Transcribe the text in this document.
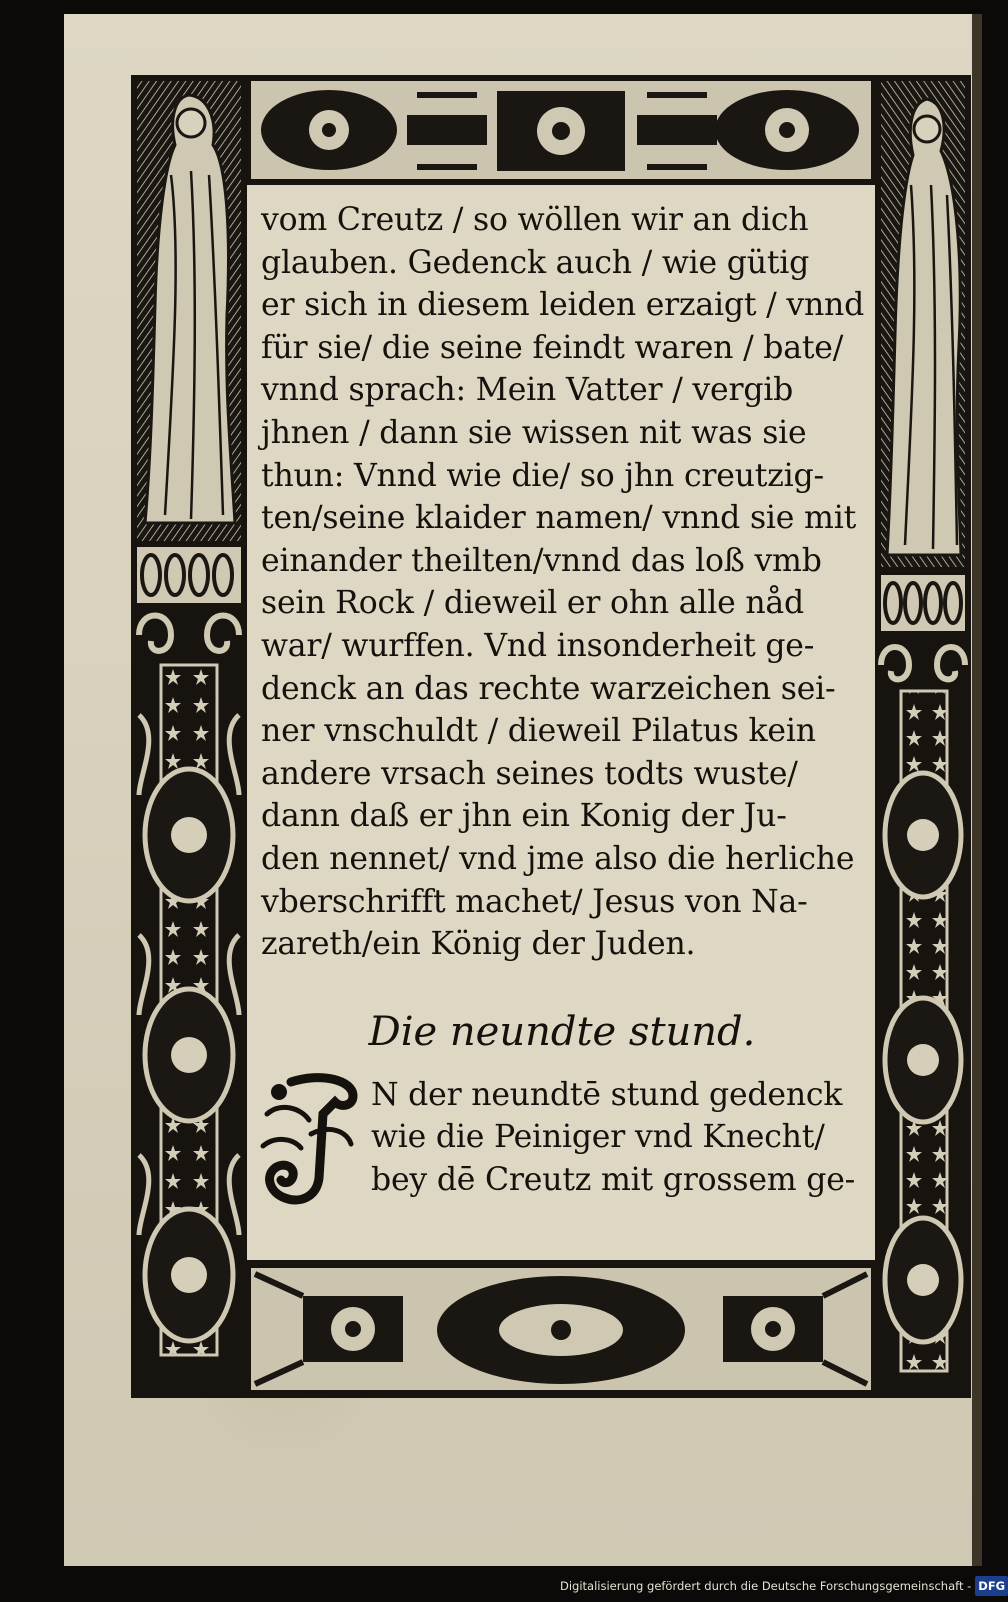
vom Creutz / so wöllen wir an dich
glauben. Gedenck auch / wie gütig
er sich in diesem leiden erzaigt / vnnd
für sie/ die seine feindt waren / bate/
vnnd sprach: Mein Vatter / vergib
jhnen / dann sie wissen nit was sie
thun: Vnnd wie die/ so jhn creutzig-
ten/seine klaider namen/ vnnd sie mit
einander theilten/vnnd das loß vmb
sein Rock / dieweil er ohn alle nåd
war/ wurffen. Vnd insonderheit ge-
denck an das rechte warzeichen sei-
ner vnschuldt / dieweil Pilatus kein
andere vrsach seines todts wuste/
dann daß er jhn ein Konig der Ju-
den nennet/ vnd jme also die herliche
vberschrifft machet/ Jesus von Na-
zareth/ein König der Juden.
Die neundte stund.
N der neundtē stund gedenck
wie die Peiniger vnd Knecht/
bey dē Creutz mit grossem ge-
Digitalisierung gefördert durch die Deutsche Forschungsgemeinschaft - DFG
